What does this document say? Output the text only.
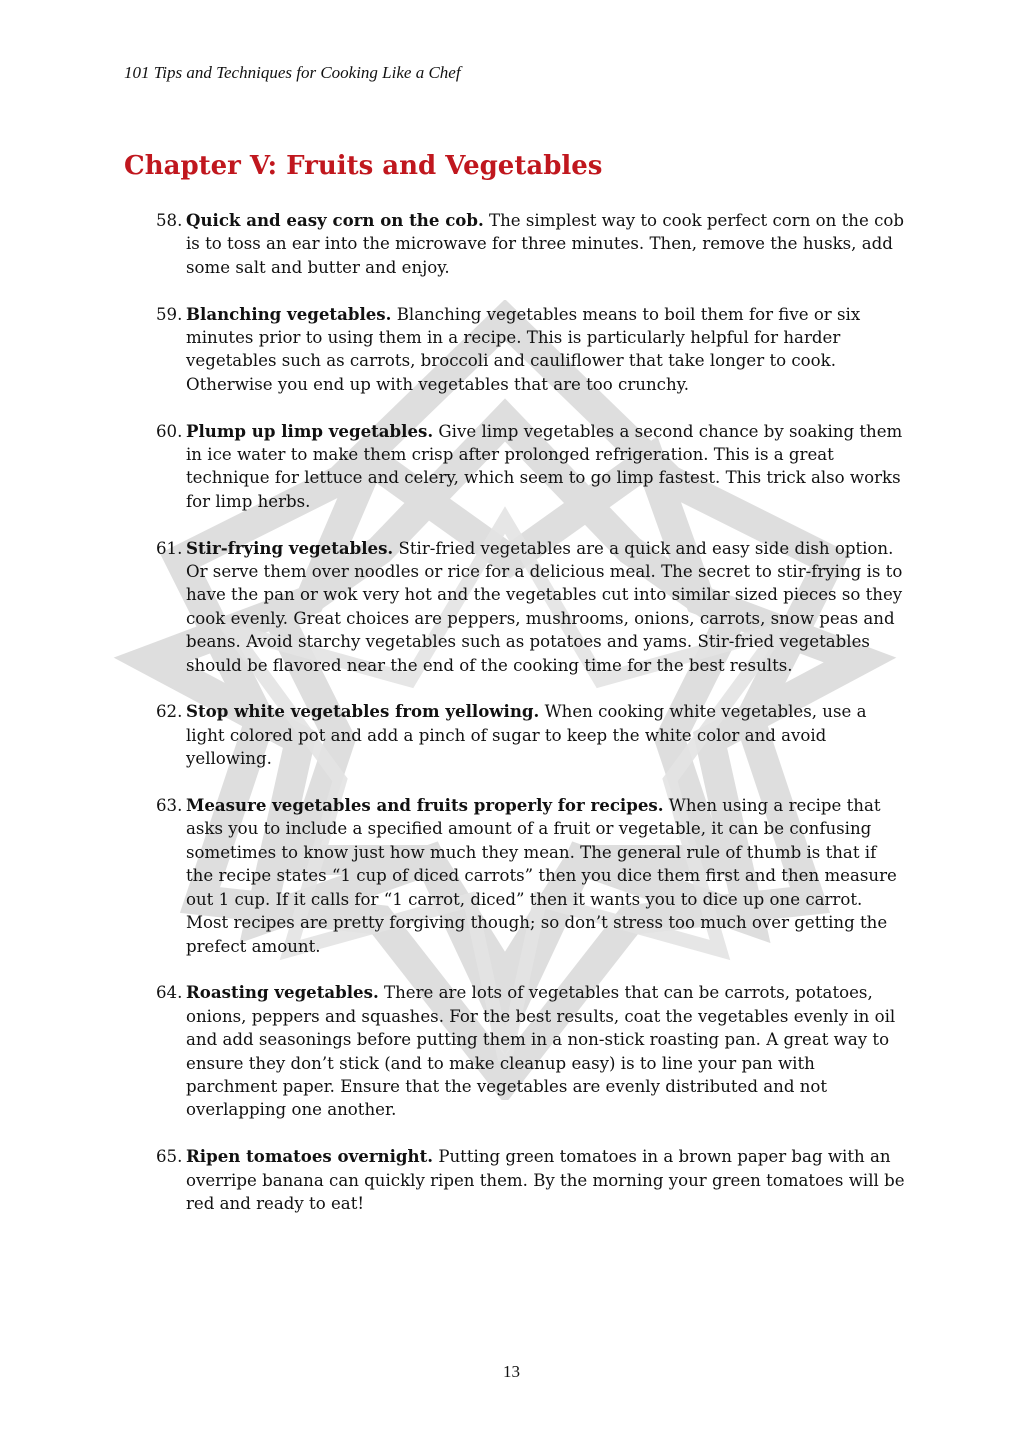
101 Tips and Techniques for Cooking Like a Chef
Chapter V: Fruits and Vegetables
58. Quick and easy corn on the cob. The simplest way to cook perfect corn on the cob is to toss an ear into the microwave for three minutes. Then, remove the husks, add some salt and butter and enjoy.
59. Blanching vegetables. Blanching vegetables means to boil them for five or six minutes prior to using them in a recipe. This is particularly helpful for harder vegetables such as carrots, broccoli and cauliflower that take longer to cook. Otherwise you end up with vegetables that are too crunchy.
60. Plump up limp vegetables. Give limp vegetables a second chance by soaking them in ice water to make them crisp after prolonged refrigeration. This is a great technique for lettuce and celery, which seem to go limp fastest. This trick also works for limp herbs.
61. Stir-frying vegetables. Stir-fried vegetables are a quick and easy side dish option. Or serve them over noodles or rice for a delicious meal. The secret to stir-frying is to have the pan or wok very hot and the vegetables cut into similar sized pieces so they cook evenly. Great choices are peppers, mushrooms, onions, carrots, snow peas and beans. Avoid starchy vegetables such as potatoes and yams. Stir-fried vegetables should be flavored near the end of the cooking time for the best results.
62. Stop white vegetables from yellowing. When cooking white vegetables, use a light colored pot and add a pinch of sugar to keep the white color and avoid yellowing.
63. Measure vegetables and fruits properly for recipes. When using a recipe that asks you to include a specified amount of a fruit or vegetable, it can be confusing sometimes to know just how much they mean. The general rule of thumb is that if the recipe states “1 cup of diced carrots” then you dice them first and then measure out 1 cup. If it calls for “1 carrot, diced” then it wants you to dice up one carrot. Most recipes are pretty forgiving though; so don’t stress too much over getting the prefect amount.
64. Roasting vegetables. There are lots of vegetables that can be carrots, potatoes, onions, peppers and squashes. For the best results, coat the vegetables evenly in oil and add seasonings before putting them in a non-stick roasting pan. A great way to ensure they don’t stick (and to make cleanup easy) is to line your pan with parchment paper. Ensure that the vegetables are evenly distributed and not overlapping one another.
65. Ripen tomatoes overnight. Putting green tomatoes in a brown paper bag with an overripe banana can quickly ripen them. By the morning your green tomatoes will be red and ready to eat!
13
